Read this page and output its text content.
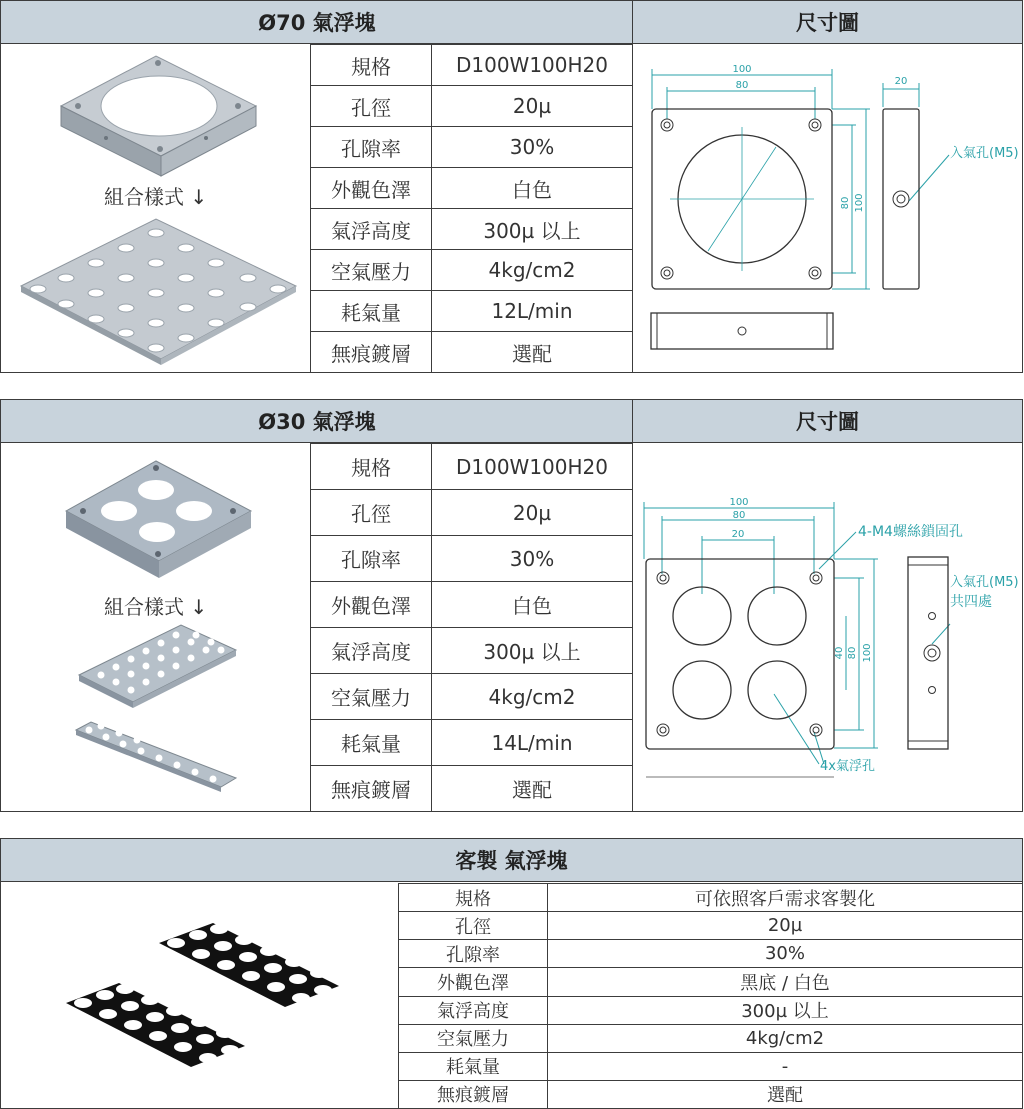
Ø70 氣浮塊	尺寸圖
組合樣式 ↓
規格	D100W100H20
孔徑	20µ
孔隙率	30%
外觀色澤	白色
氣浮高度	300µ 以上
空氣壓力	4kg/cm2
耗氣量	12L/min
無痕鍍層	選配
100
80	20
80 100
入氣孔(M5)
Ø30 氣浮塊	尺寸圖
組合樣式 ↓
規格	D100W100H20
孔徑	20µ
孔隙率	30%
外觀色澤	白色
氣浮高度	300µ 以上
空氣壓力	4kg/cm2
耗氣量	14L/min
無痕鍍層	選配
100
80
20
40 80 100
4-M4螺絲鎖固孔
入氣孔(M5)
共四處
4x氣浮孔
客製 氣浮塊
規格	可依照客戶需求客製化
孔徑	20µ
孔隙率	30%
外觀色澤	黑底 / 白色
氣浮高度	300µ 以上
空氣壓力	4kg/cm2
耗氣量	-
無痕鍍層	選配
